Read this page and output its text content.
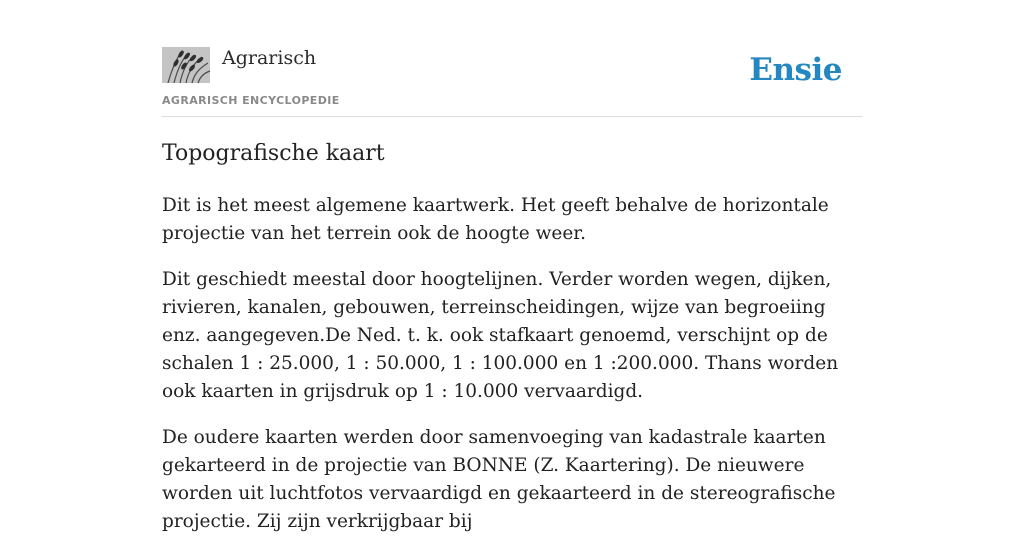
Agrarisch
AGRARISCH ENCYCLOPEDIE
Ensie
Topografische kaart

Dit is het meest algemene kaartwerk. Het geeft behalve de horizontale projectie van het terrein ook de hoogte weer.

Dit geschiedt meestal door hoogtelijnen. Verder worden wegen, dijken, rivieren, kanalen, gebouwen, terreinscheidingen, wijze van begroeiing enz. aangegeven.De Ned. t. k. ook stafkaart genoemd, verschijnt op de schalen 1 : 25.000, 1 : 50.000, 1 : 100.000 en 1 :200.000. Thans worden ook kaarten in grijsdruk op 1 : 10.000 vervaardigd.

De oudere kaarten werden door samenvoeging van kadastrale kaarten gekarteerd in de projectie van BONNE (Z. Kaartering). De nieuwere worden uit luchtfotos vervaardigd en gekaarteerd in de stereografische projectie. Zij zijn verkrijgbaar bij
